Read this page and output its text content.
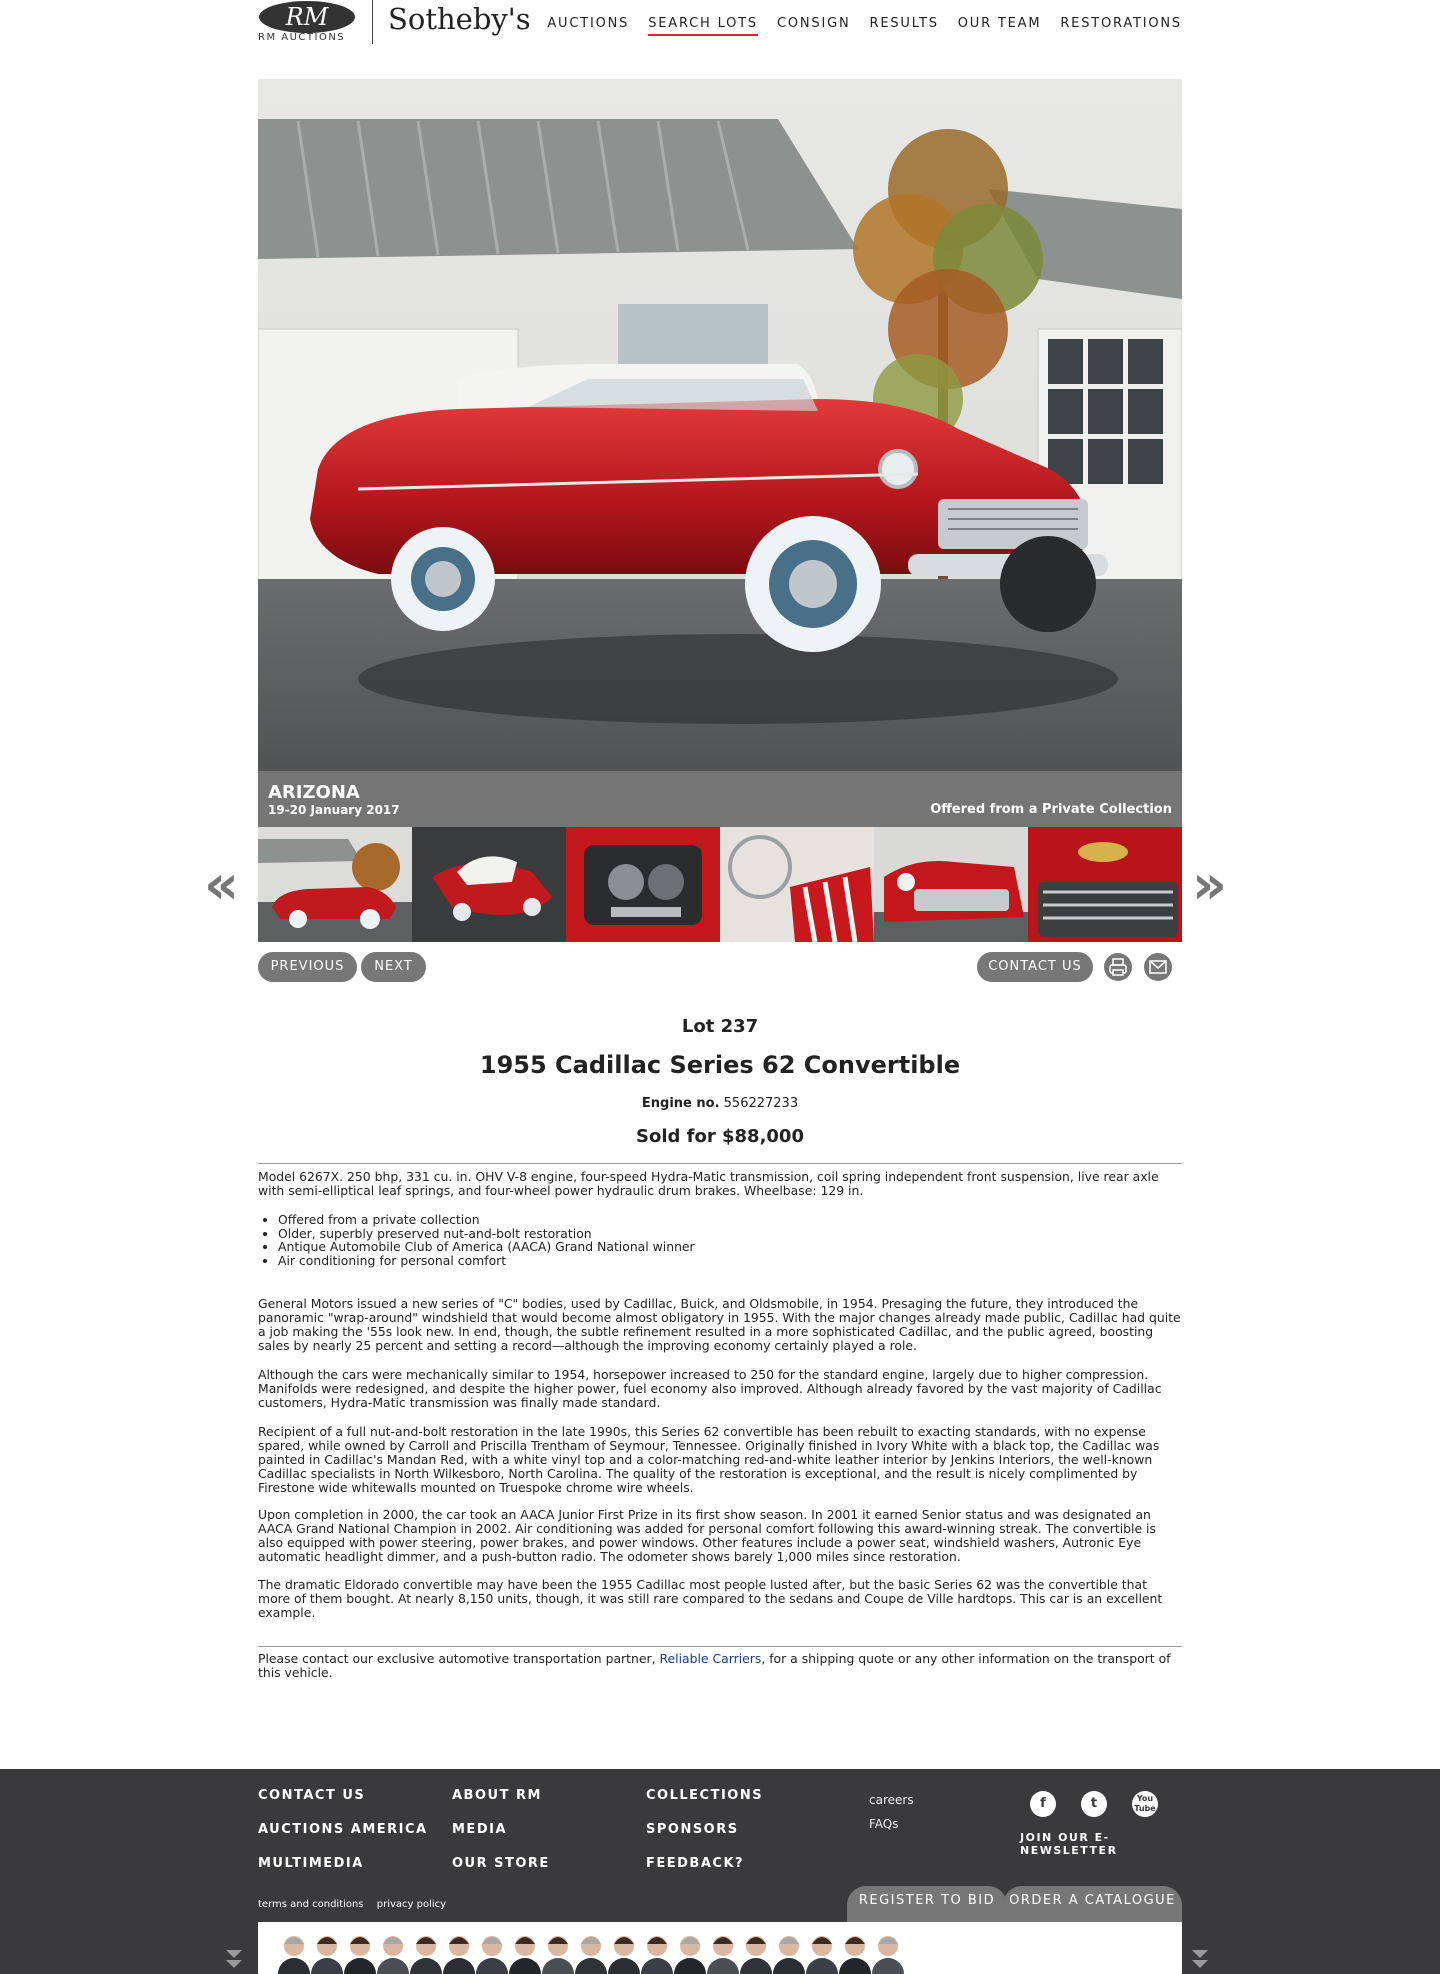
RM
RM AUCTIONS
Sotheby's AUCTIONS SEARCH LOTS CONSIGN RESULTS OUR TEAM RESTORATIONS
ARIZONA
19-20 January 2017	Offered from a Private Collection
«	»
PREVIOUS	NEXT	CONTACT US
Lot 237
1955 Cadillac Series 62 Convertible
Engine no. 556227233
Sold for $88,000

Model 6267X. 250 bhp, 331 cu. in. OHV V-8 engine, four-speed Hydra-Matic transmission, coil spring independent front suspension, live rear axle with semi-elliptical leaf springs, and four-wheel power hydraulic drum brakes. Wheelbase: 129 in.

• Offered from a private collection
• Older, superbly preserved nut-and-bolt restoration
• Antique Automobile Club of America (AACA) Grand National winner
• Air conditioning for personal comfort

General Motors issued a new series of "C" bodies, used by Cadillac, Buick, and Oldsmobile, in 1954. Presaging the future, they introduced the panoramic "wrap-around" windshield that would become almost obligatory in 1955. With the major changes already made public, Cadillac had quite a job making the '55s look new. In end, though, the subtle refinement resulted in a more sophisticated Cadillac, and the public agreed, boosting sales by nearly 25 percent and setting a record—although the improving economy certainly played a role.

Although the cars were mechanically similar to 1954, horsepower increased to 250 for the standard engine, largely due to higher compression. Manifolds were redesigned, and despite the higher power, fuel economy also improved. Although already favored by the vast majority of Cadillac customers, Hydra-Matic transmission was finally made standard.

Recipient of a full nut-and-bolt restoration in the late 1990s, this Series 62 convertible has been rebuilt to exacting standards, with no expense spared, while owned by Carroll and Priscilla Trentham of Seymour, Tennessee. Originally finished in Ivory White with a black top, the Cadillac was painted in Cadillac's Mandan Red, with a white vinyl top and a color-matching red-and-white leather interior by Jenkins Interiors, the well-known Cadillac specialists in North Wilkesboro, North Carolina. The quality of the restoration is exceptional, and the result is nicely complimented by Firestone wide whitewalls mounted on Truespoke chrome wire wheels.

Upon completion in 2000, the car took an AACA Junior First Prize in its first show season. In 2001 it earned Senior status and was designated an AACA Grand National Champion in 2002. Air conditioning was added for personal comfort following this award-winning streak. The convertible is also equipped with power steering, power brakes, and power windows. Other features include a power seat, windshield washers, Autronic Eye automatic headlight dimmer, and a push-button radio. The odometer shows barely 1,000 miles since restoration.

The dramatic Eldorado convertible may have been the 1955 Cadillac most people lusted after, but the basic Series 62 was the convertible that more of them bought. At nearly 8,150 units, though, it was still rare compared to the sedans and Coupe de Ville hardtops. This car is an excellent example.

Please contact our exclusive automotive transportation partner, Reliable Carriers, for a shipping quote or any other information on the transport of this vehicle.

CONTACT US
AUCTIONS AMERICA
MULTIMEDIA
ABOUT RM
MEDIA
OUR STORE
COLLECTIONS
SPONSORS
FEEDBACK?
careers
FAQs
f	t	You
Tube
JOIN OUR E-NEWSLETTER
terms and conditions privacy policy	REGISTER TO BID	ORDER A CATALOGUE
